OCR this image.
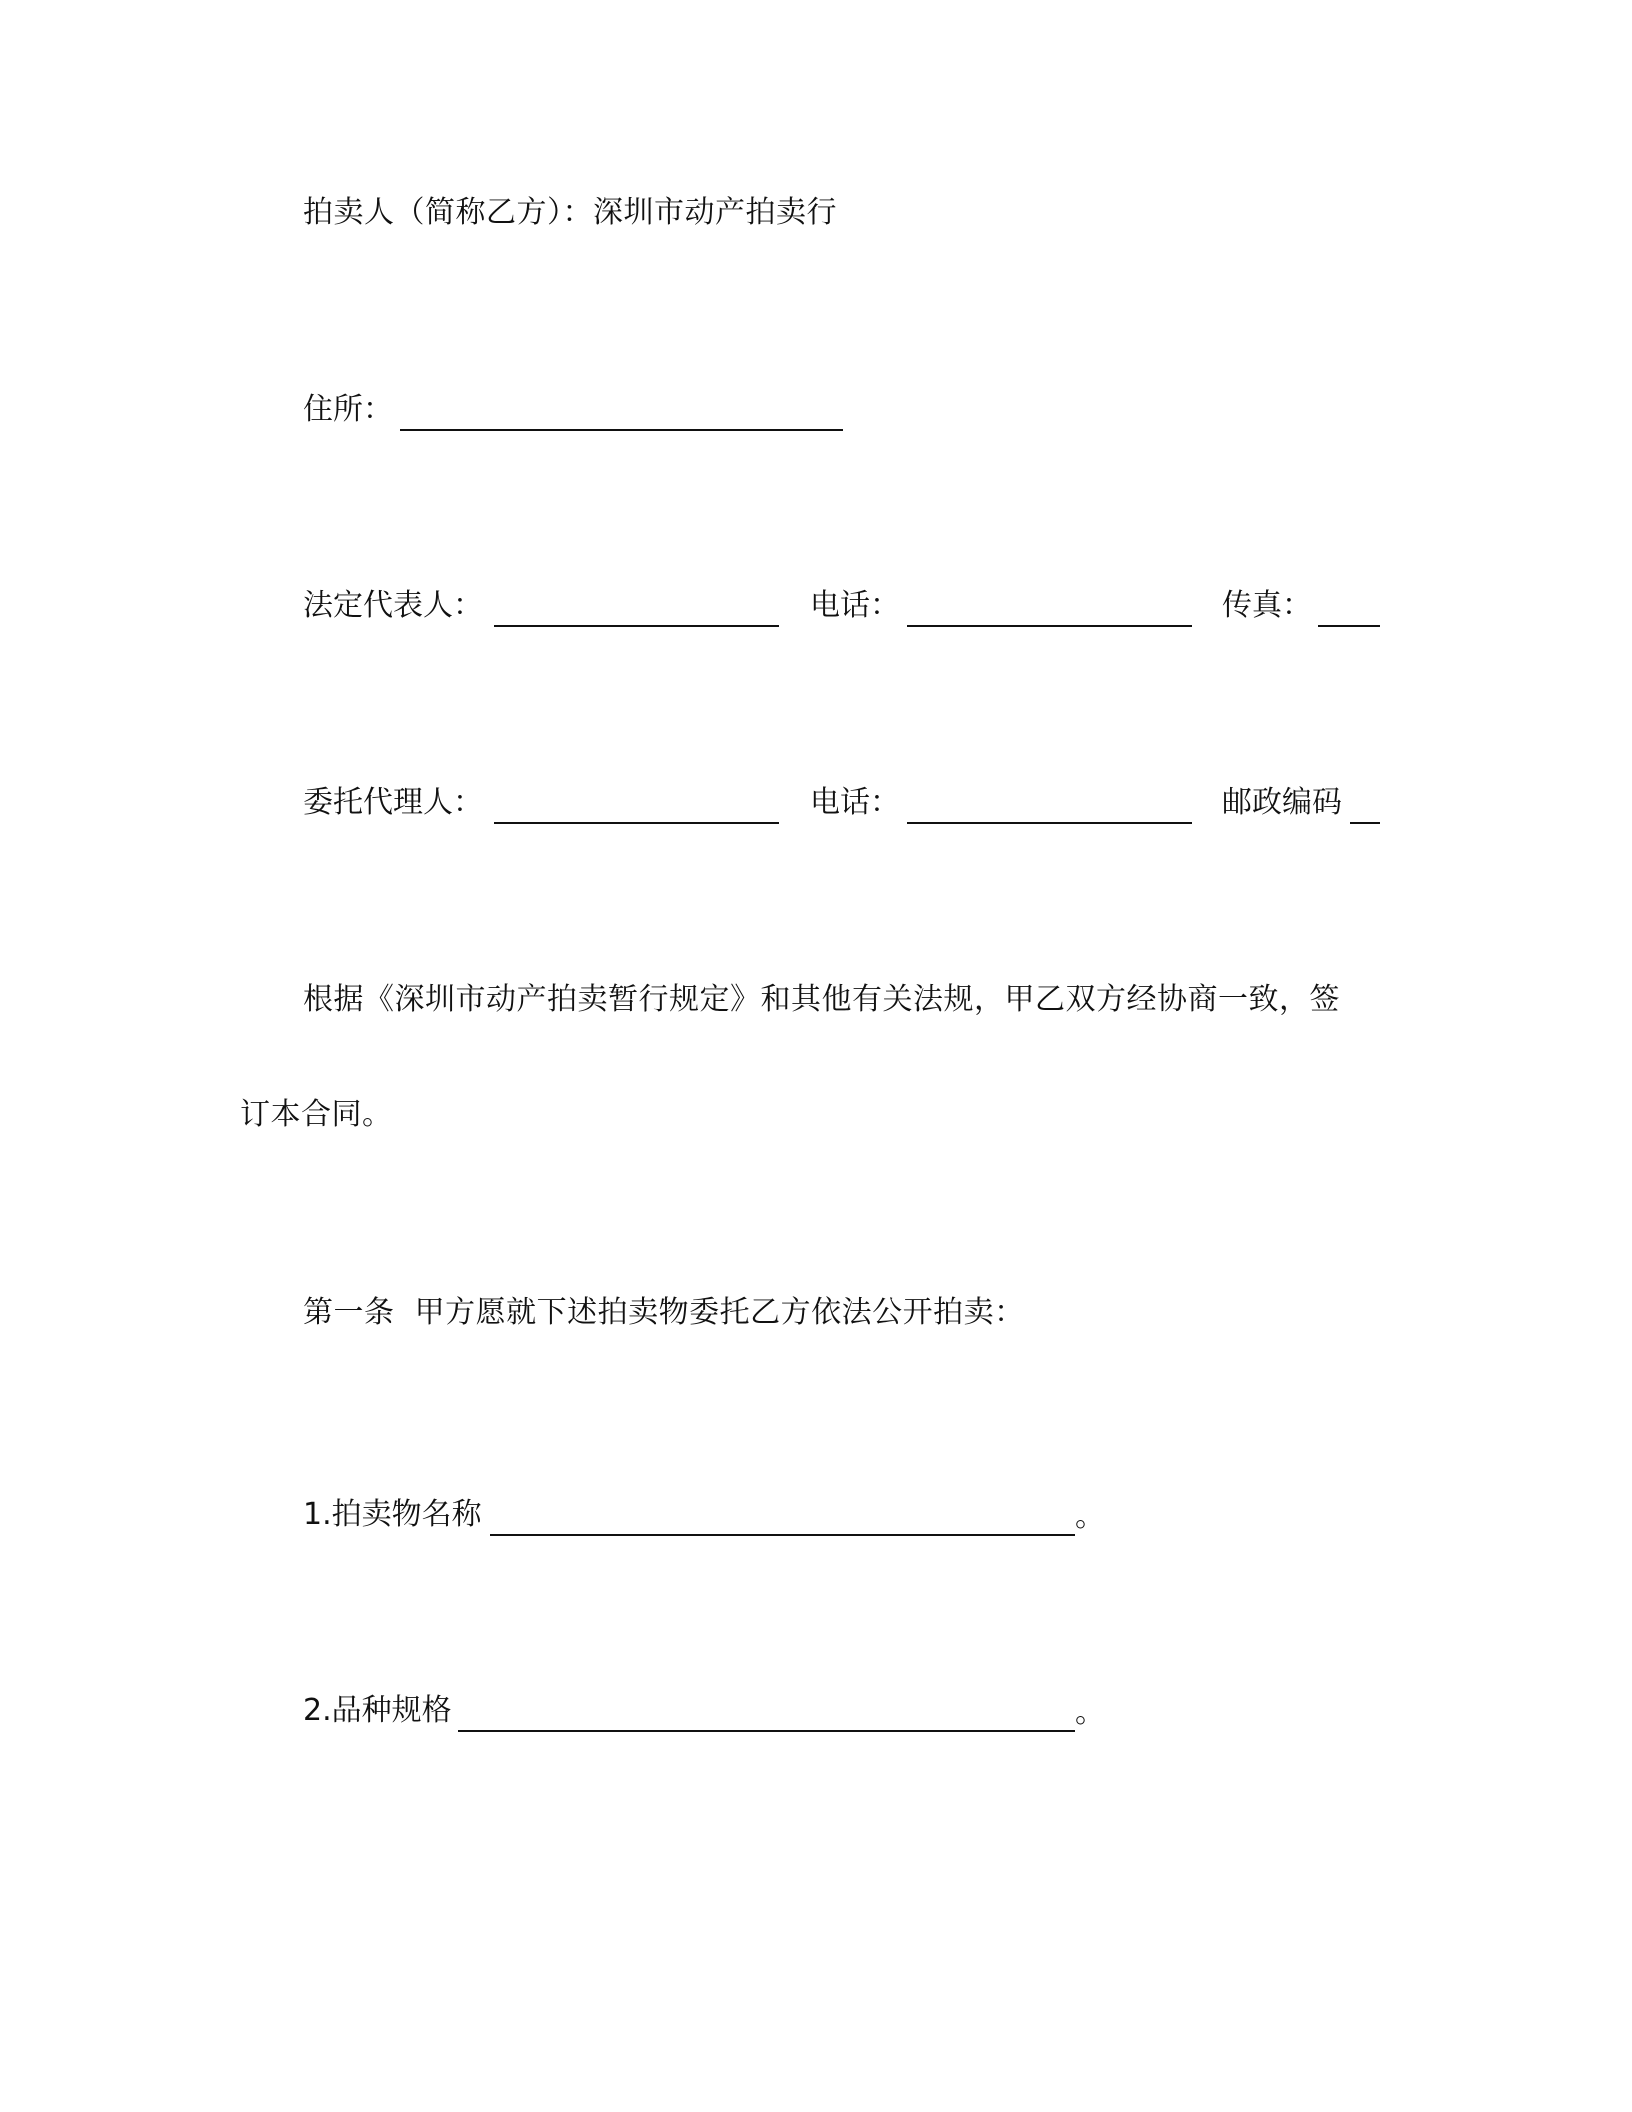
拍卖人（简称乙方）：深圳市动产拍卖行
住所：
法定代表人：	电话：	传真：
委托代理人：	电话：	邮政编码
根据《深圳市动产拍卖暂行规定》和其他有关法规，甲乙双方经协商一致，签
订本合同。
第一条  甲方愿就下述拍卖物委托乙方依法公开拍卖：
1.拍卖物名称	。
2.品种规格	。
